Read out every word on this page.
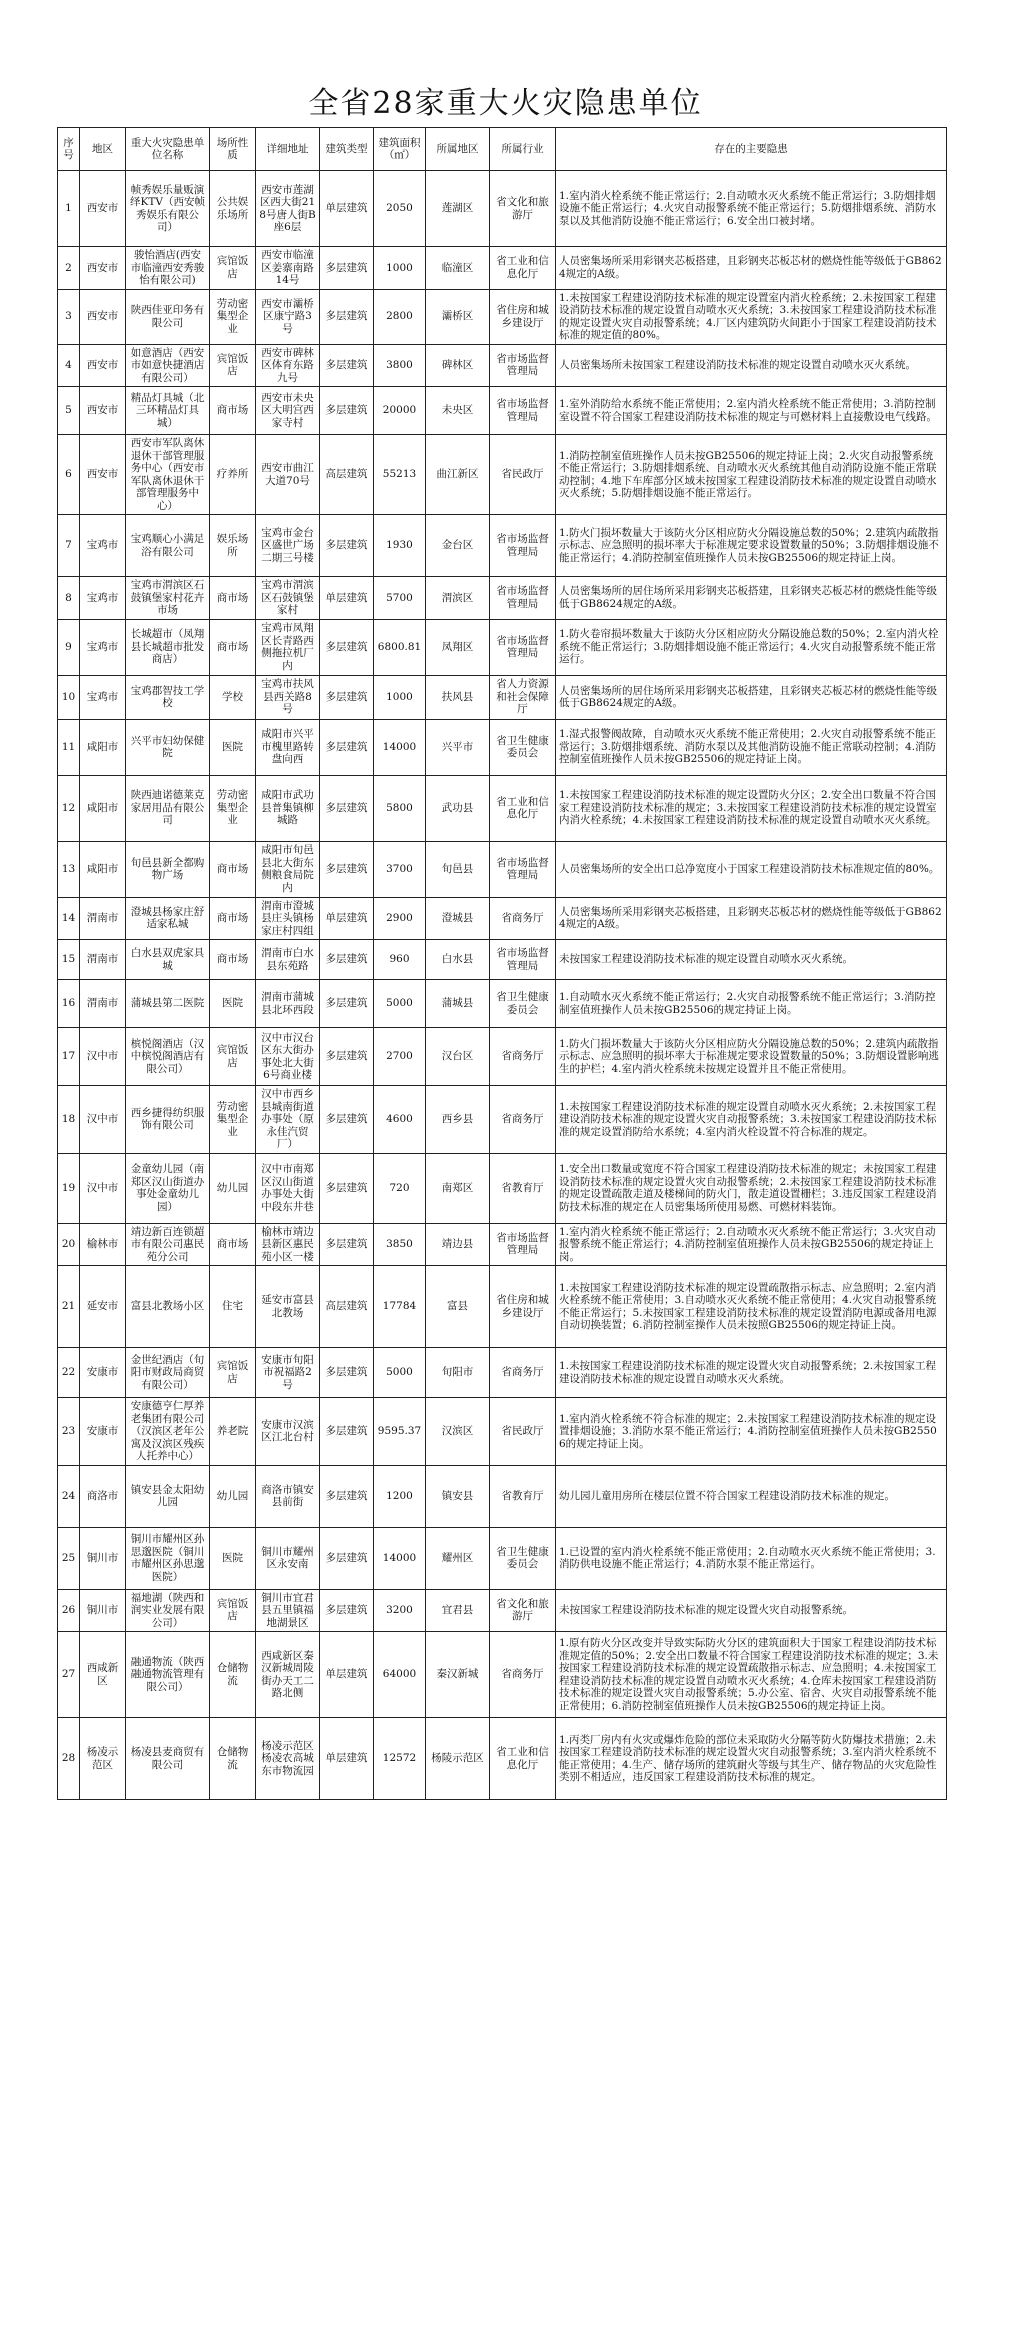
全省28家重大火灾隐患单位
序号	地区	重大火灾隐患单位名称	场所性质	详细地址	建筑类型	建筑面积（㎡）	所属地区	所属行业	存在的主要隐患
1	西安市	帧秀娱乐量贩演绎KTV（西安帧秀娱乐有限公司）	公共娱乐场所	西安市莲湖区西大街218号唐人街B座6层	单层建筑	2050	莲湖区	省文化和旅游厅	1.室内消火栓系统不能正常运行；2.自动喷水灭火系统不能正常运行；3.防烟排烟设施不能正常运行；4.火灾自动报警系统不能正常运行；5.防烟排烟系统、消防水泵以及其他消防设施不能正常运行；6.安全出口被封堵。
2	西安市	骏怡酒店(西安市临潼西安秀骏怡有限公司)	宾馆饭店	西安市临潼区姜寨南路14号	多层建筑	1000	临潼区	省工业和信息化厅	人员密集场所采用彩钢夹芯板搭建，且彩钢夹芯板芯材的燃烧性能等级低于GB8624规定的A级。
3	西安市	陕西佳亚印务有限公司	劳动密集型企业	西安市灞桥区康宁路3号	多层建筑	2800	灞桥区	省住房和城乡建设厅	1.未按国家工程建设消防技术标准的规定设置室内消火栓系统；2.未按国家工程建设消防技术标准的规定设置自动喷水灭火系统；3.未按国家工程建设消防技术标准的规定设置火灾自动报警系统；4.厂区内建筑防火间距小于国家工程建设消防技术标准的规定值的80%。
4	西安市	如意酒店（西安市如意快捷酒店有限公司）	宾馆饭店	西安市碑林区体育东路九号	多层建筑	3800	碑林区	省市场监督管理局	人员密集场所未按国家工程建设消防技术标准的规定设置自动喷水灭火系统。
5	西安市	精品灯具城（北三环精品灯具城）	商市场	西安市未央区大明宫西家寺村	多层建筑	20000	未央区	省市场监督管理局	1.室外消防给水系统不能正常使用；2.室内消火栓系统不能正常使用；3.消防控制室设置不符合国家工程建设消防技术标准的规定与可燃材料上直接敷设电气线路。
6	西安市	西安市军队离休退休干部管理服务中心（西安市军队离休退休干部管理服务中心）	疗养所	西安市曲江大道70号	高层建筑	55213	曲江新区	省民政厅	1.消防控制室值班操作人员未按GB25506的规定持证上岗；2.火灾自动报警系统不能正常运行；3.防烟排烟系统、自动喷水灭火系统其他自动消防设施不能正常联动控制；4.地下车库部分区域未按国家工程建设消防技术标准的规定设置自动喷水灭火系统；5.防烟排烟设施不能正常运行。
7	宝鸡市	宝鸡顺心小满足浴有限公司	娱乐场所	宝鸡市金台区盛世广场二期三号楼	多层建筑	1930	金台区	省市场监督管理局	1.防火门损坏数量大于该防火分区相应防火分隔设施总数的50%；2.建筑内疏散指示标志、应急照明的损坏率大于标准规定要求设置数量的50%；3.防烟排烟设施不能正常运行；4.消防控制室值班操作人员未按GB25506的规定持证上岗。
8	宝鸡市	宝鸡市渭滨区石鼓镇堡家村花卉市场	商市场	宝鸡市渭滨区石鼓镇堡家村	单层建筑	5700	渭滨区	省市场监督管理局	人员密集场所的居住场所采用彩钢夹芯板搭建，且彩钢夹芯板芯材的燃烧性能等级低于GB8624规定的A级。
9	宝鸡市	长城超市（凤翔县长城超市批发商店）	商市场	宝鸡市凤翔区长青路西侧拖拉机厂内	多层建筑	6800.81	凤翔区	省市场监督管理局	1.防火卷帘损坏数量大于该防火分区相应防火分隔设施总数的50%；2.室内消火栓系统不能正常运行；3.防烟排烟设施不能正常运行；4.火灾自动报警系统不能正常运行。
10	宝鸡市	宝鸡郡智技工学校	学校	宝鸡市扶风县西关路8号	多层建筑	1000	扶风县	省人力资源和社会保障厅	人员密集场所的居住场所采用彩钢夹芯板搭建，且彩钢夹芯板芯材的燃烧性能等级低于GB8624规定的A级。
11	咸阳市	兴平市妇幼保健院	医院	咸阳市兴平市槐里路转盘向西	多层建筑	14000	兴平市	省卫生健康委员会	1.湿式报警阀故障，自动喷水灭火系统不能正常使用；2.火灾自动报警系统不能正常运行；3.防烟排烟系统、消防水泵以及其他消防设施不能正常联动控制；4.消防控制室值班操作人员未按GB25506的规定持证上岗。
12	咸阳市	陕西迪诺德莱克家居用品有限公司	劳动密集型企业	咸阳市武功县普集镇柳城路	多层建筑	5800	武功县	省工业和信息化厅	1.未按国家工程建设消防技术标准的规定设置防火分区；2.安全出口数量不符合国家工程建设消防技术标准的规定；3.未按国家工程建设消防技术标准的规定设置室内消火栓系统；4.未按国家工程建设消防技术标准的规定设置自动喷水灭火系统。
13	咸阳市	旬邑县新全都购物广场	商市场	咸阳市旬邑县北大街东侧粮食局院内	多层建筑	3700	旬邑县	省市场监督管理局	人员密集场所的安全出口总净宽度小于国家工程建设消防技术标准规定值的80%。
14	渭南市	澄城县杨家庄舒适家私城	商市场	渭南市澄城县庄头镇杨家庄村四组	单层建筑	2900	澄城县	省商务厅	人员密集场所采用彩钢夹芯板搭建，且彩钢夹芯板芯材的燃烧性能等级低于GB8624规定的A级。
15	渭南市	白水县双虎家具城	商市场	渭南市白水县东苑路	多层建筑	960	白水县	省市场监督管理局	未按国家工程建设消防技术标准的规定设置自动喷水灭火系统。
16	渭南市	蒲城县第二医院	医院	渭南市蒲城县北环西段	多层建筑	5000	蒲城县	省卫生健康委员会	1.自动喷水灭火系统不能正常运行；2.火灾自动报警系统不能正常运行；3.消防控制室值班操作人员未按GB25506的规定持证上岗。
17	汉中市	槟悦阁酒店（汉中槟悦阁酒店有限公司）	宾馆饭店	汉中市汉台区东大街办事处北大街6号商业楼	多层建筑	2700	汉台区	省商务厅	1.防火门损坏数量大于该防火分区相应防火分隔设施总数的50%；2.建筑内疏散指示标志、应急照明的损坏率大于标准规定要求设置数量的50%；3.防烟设置影响逃生的护栏；4.室内消火栓系统未按规定设置并且不能正常使用。
18	汉中市	西乡捷得纺织服饰有限公司	劳动密集型企业	汉中市西乡县城南街道办事处（原永佳汽贸厂）	多层建筑	4600	西乡县	省商务厅	1.未按国家工程建设消防技术标准的规定设置自动喷水灭火系统；2.未按国家工程建设消防技术标准的规定设置火灾自动报警系统；3.未按国家工程建设消防技术标准的规定设置消防给水系统；4.室内消火栓设置不符合标准的规定。
19	汉中市	金童幼儿园（南郑区汉山街道办事处金童幼儿园）	幼儿园	汉中市南郑区汉山街道办事处大街中段东井巷	多层建筑	720	南郑区	省教育厅	1.安全出口数量或宽度不符合国家工程建设消防技术标准的规定；未按国家工程建设消防技术标准的规定设置火灾自动报警系统；2.未按国家工程建设消防技术标准的规定设置疏散走道及楼梯间的防火门，散走道设置栅栏；3.违反国家工程建设消防技术标准的规定在人员密集场所使用易燃、可燃材料装饰。
20	榆林市	靖边新百连锁超市有限公司惠民苑分公司	商市场	榆林市靖边县新区惠民苑小区一楼	多层建筑	3850	靖边县	省市场监督管理局	1.室内消火栓系统不能正常运行；2.自动喷水灭火系统不能正常运行；3.火灾自动报警系统不能正常运行；4.消防控制室值班操作人员未按GB25506的规定持证上岗。
21	延安市	富县北教场小区	住宅	延安市富县北教场	高层建筑	17784	富县	省住房和城乡建设厅	1.未按国家工程建设消防技术标准的规定设置疏散指示标志、应急照明；2.室内消火栓系统不能正常使用；3.自动喷水灭火系统不能正常使用；4.火灾自动报警系统不能正常运行；5.未按国家工程建设消防技术标准的规定设置消防电源或备用电源自动切换装置；6.消防控制室操作人员未按照GB25506的规定持证上岗。
22	安康市	金世纪酒店（旬阳市财政局商贸有限公司）	宾馆饭店	安康市旬阳市祝福路2号	多层建筑	5000	旬阳市	省商务厅	1.未按国家工程建设消防技术标准的规定设置火灾自动报警系统；2.未按国家工程建设消防技术标准的规定设置自动喷水灭火系统。
23	安康市	安康德亨仁厚养老集团有限公司（汉滨区老年公寓及汉滨区残疾人托养中心）	养老院	安康市汉滨区江北台村	多层建筑	9595.37	汉滨区	省民政厅	1.室内消火栓系统不符合标准的规定；2.未按国家工程建设消防技术标准的规定设置排烟设施；3.消防水泵不能正常运行；4.消防控制室值班操作人员未按GB25506的规定持证上岗。
24	商洛市	镇安县金太阳幼儿园	幼儿园	商洛市镇安县前街	多层建筑	1200	镇安县	省教育厅	幼儿园儿童用房所在楼层位置不符合国家工程建设消防技术标准的规定。
25	铜川市	铜川市耀州区孙思邈医院（铜川市耀州区孙思邈医院）	医院	铜川市耀州区永安南	多层建筑	14000	耀州区	省卫生健康委员会	1.已设置的室内消火栓系统不能正常使用；2.自动喷水灭火系统不能正常使用；3.消防供电设施不能正常运行；4.消防水泵不能正常运行。
26	铜川市	福地湖（陕西和润实业发展有限公司）	宾馆饭店	铜川市宜君县五里镇福地湖景区	多层建筑	3200	宜君县	省文化和旅游厅	未按国家工程建设消防技术标准的规定设置火灾自动报警系统。
27	西咸新区	融通物流（陕西融通物流管理有限公司）	仓储物流	西咸新区秦汉新城周陵街办天工二路北侧	单层建筑	64000	秦汉新城	省商务厅	1.原有防火分区改变并导致实际防火分区的建筑面积大于国家工程建设消防技术标准规定值的50%；2.安全出口数量不符合国家工程建设消防技术标准的规定；3.未按国家工程建设消防技术标准的规定设置疏散指示标志、应急照明；4.未按国家工程建设消防技术标准的规定设置自动喷水灭火系统；4.仓库未按国家工程建设消防技术标准的规定设置火灾自动报警系统；5.办公室、宿舍、火灾自动报警系统不能正常使用；6.消防控制室值班操作人员未按GB25506的规定持证上岗。
28	杨凌示范区	杨凌县麦商贸有限公司	仓储物流	杨凌示范区杨凌农高城东市物流园	单层建筑	12572	杨陵示范区	省工业和信息化厅	1.丙类厂房内有火灾或爆炸危险的部位未采取防火分隔等防火防爆技术措施；2.未按国家工程建设消防技术标准的规定设置火灾自动报警系统；3.室内消火栓系统不能正常使用；4.生产、储存场所的建筑耐火等级与其生产、储存物品的火灾危险性类别不相适应，违反国家工程建设消防技术标准的规定。
